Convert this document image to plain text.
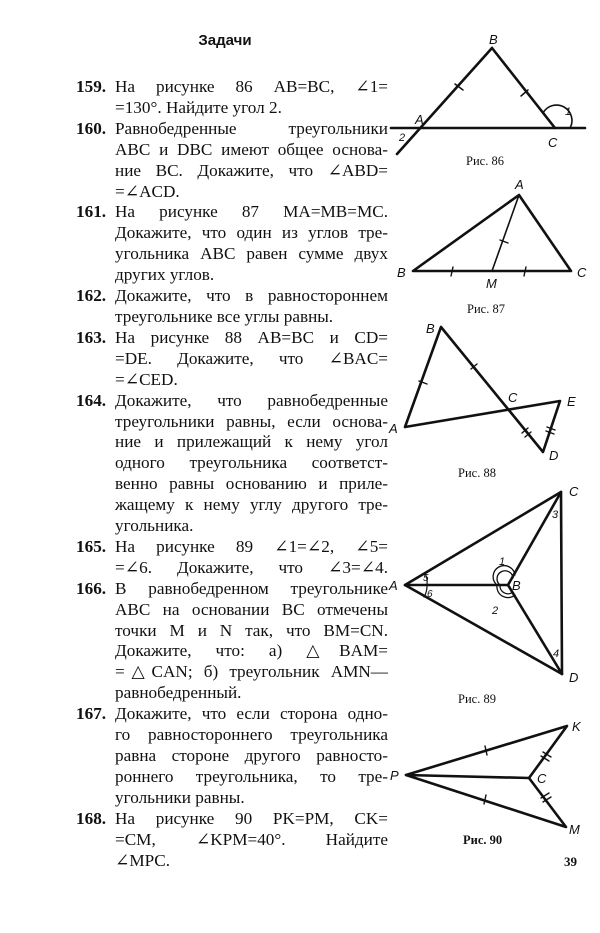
Задачи
159. На рисунке 86 AB=BC, ∠1=
=130°. Найдите угол 2.
160. Равнобедренные треугольники
ABC и DBC имеют общее основа-
ние BC. Докажите, что ∠ABD=
=∠ACD.
161. На рисунке 87 MA=MB=MC.
Докажите, что один из углов тре-
угольника ABC равен сумме двух
других углов.
162. Докажите, что в равностороннем
треугольнике все углы равны.
163. На рисунке 88 AB=BC и CD=
=DE. Докажите, что ∠BAC=
=∠CED.
164. Докажите, что равнобедренные
треугольники равны, если основа-
ние и прилежащий к нему угол
одного треугольника соответст-
венно равны основанию и приле-
жащему к нему углу другого тре-
угольника.
165. На рисунке 89 ∠1=∠2, ∠5=
=∠6. Докажите, что ∠3=∠4.
166. В равнобедренном треугольнике
ABC на основании BC отмечены
точки M и N так, что BM=CN.
Докажите, что: а) △BAM=
=△CAN; б) треугольник AMN—
равнобедренный.
167. Докажите, что если сторона одно-
го равностороннего треугольника
равна стороне другого равносто-
роннего треугольника, то тре-
угольники равны.
168. На рисунке 90 PK=PM, CK=
=CM, ∠KPM=40°. Найдите
∠MPC.
B
A
C
1
2
A
B	C
M
B
A
C	E
D
A	B
C
D
1
2
3
4
5
6
P
K
C
M
Рис. 86
Рис. 87
Рис. 88
Рис. 89
Рис. 90
39
